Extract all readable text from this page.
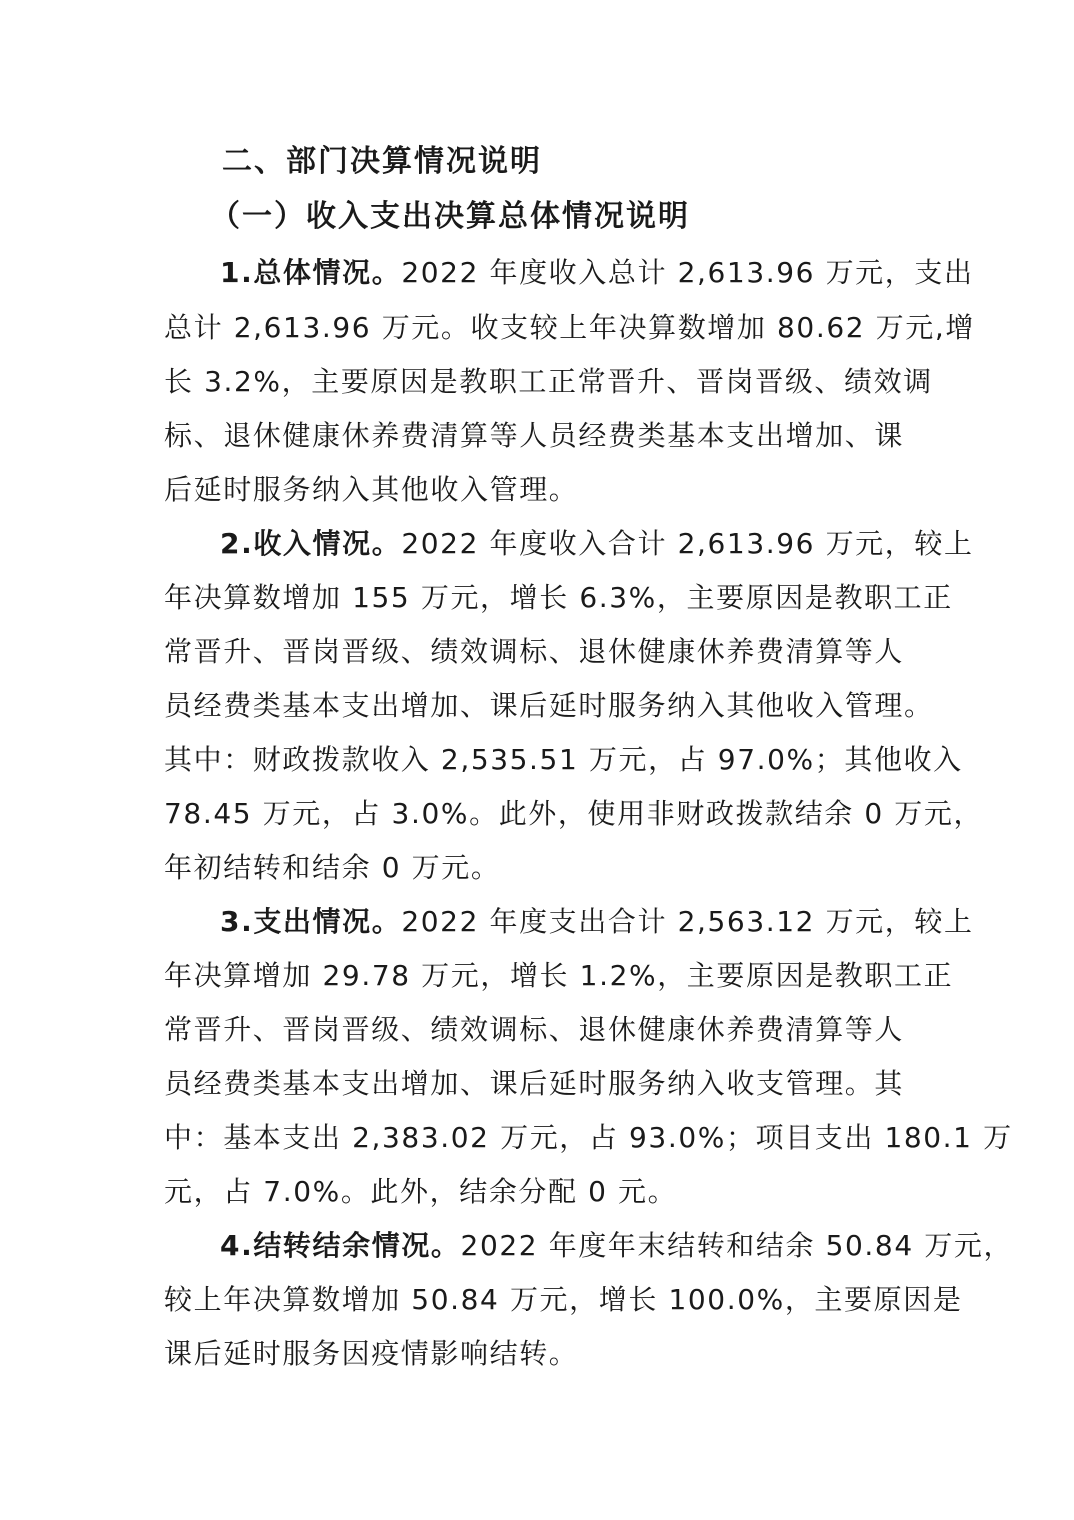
二、部门决算情况说明
（一）收入支出决算总体情况说明
1.总体情况。2022 年度收入总计 2,613.96 万元，支出
总计 2,613.96 万元。收支较上年决算数增加 80.62 万元,增
长 3.2%，主要原因是教职工正常晋升、晋岗晋级、绩效调
标、退休健康休养费清算等人员经费类基本支出增加、课
后延时服务纳入其他收入管理。
2.收入情况。2022 年度收入合计 2,613.96 万元，较上
年决算数增加 155 万元，增长 6.3%，主要原因是教职工正
常晋升、晋岗晋级、绩效调标、退休健康休养费清算等人
员经费类基本支出增加、课后延时服务纳入其他收入管理。
其中：财政拨款收入 2,535.51 万元，占 97.0%；其他收入
78.45 万元，占 3.0%。此外，使用非财政拨款结余 0 万元，
年初结转和结余 0 万元。
3.支出情况。2022 年度支出合计 2,563.12 万元，较上
年决算增加 29.78 万元，增长 1.2%，主要原因是教职工正
常晋升、晋岗晋级、绩效调标、退休健康休养费清算等人
员经费类基本支出增加、课后延时服务纳入收支管理。其
中：基本支出 2,383.02 万元，占 93.0%；项目支出 180.1 万
元，占 7.0%。此外，结余分配 0 元。
4.结转结余情况。2022 年度年末结转和结余 50.84 万元，
较上年决算数增加 50.84 万元，增长 100.0%，主要原因是
课后延时服务因疫情影响结转。
